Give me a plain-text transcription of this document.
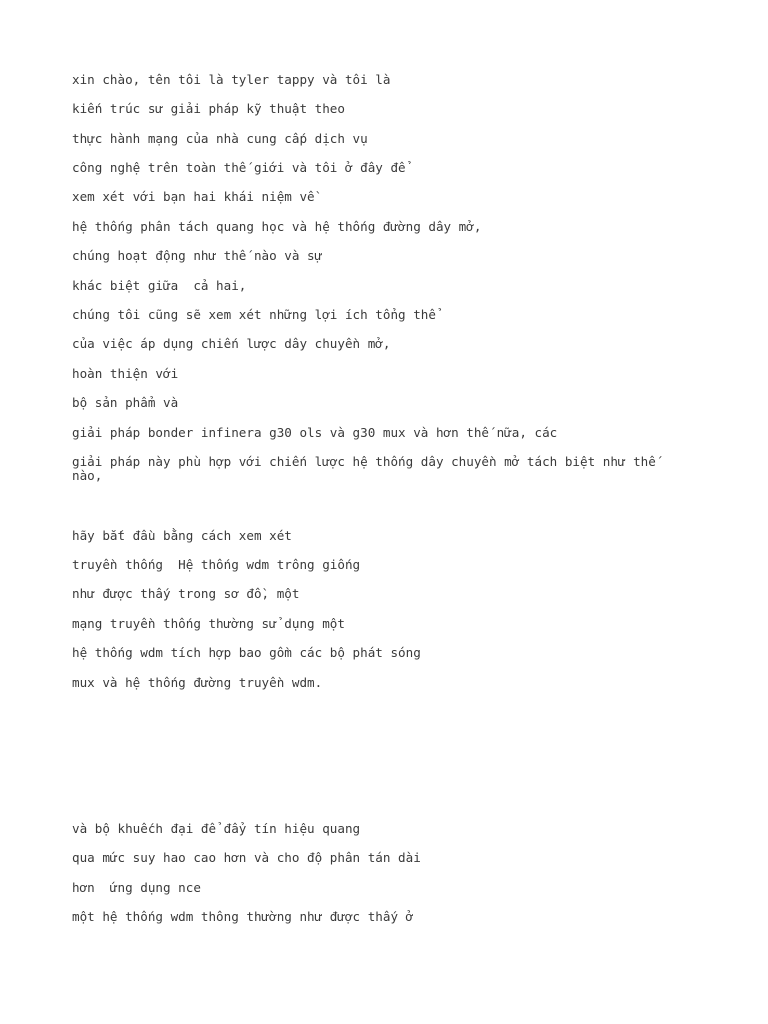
xin chào, tên tôi là tyler tappy và tôi là

kiến trúc sư giải pháp kỹ thuật theo

thực hành mạng của nhà cung cấp dịch vụ

công nghệ trên toàn thế giới và tôi ở đây để

xem xét với bạn hai khái niệm về

hệ thống phân tách quang học và hệ thống đường dây mở,

chúng hoạt động như thế nào và sự

khác biệt giữa  cả hai,

chúng tôi cũng sẽ xem xét những lợi ích tổng thể

của việc áp dụng chiến lược dây chuyền mở,

hoàn thiện với

bộ sản phẩm và

giải pháp bonder infinera g30 ols và g30 mux và hơn thế nữa, các

giải pháp này phù hợp với chiến lược hệ thống dây chuyền mở tách biệt như thế nào,

hãy bắt đầu bằng cách xem xét

truyền thống  Hệ thống wdm trông giống

như được thấy trong sơ đồ, một

mạng truyền thống thường sử dụng một

hệ thống wdm tích hợp bao gồm các bộ phát sóng

mux và hệ thống đường truyền wdm.

và bộ khuếch đại để đẩy tín hiệu quang

qua mức suy hao cao hơn và cho độ phân tán dài

hơn  ứng dụng nce

một hệ thống wdm thông thường như được thấy ở
